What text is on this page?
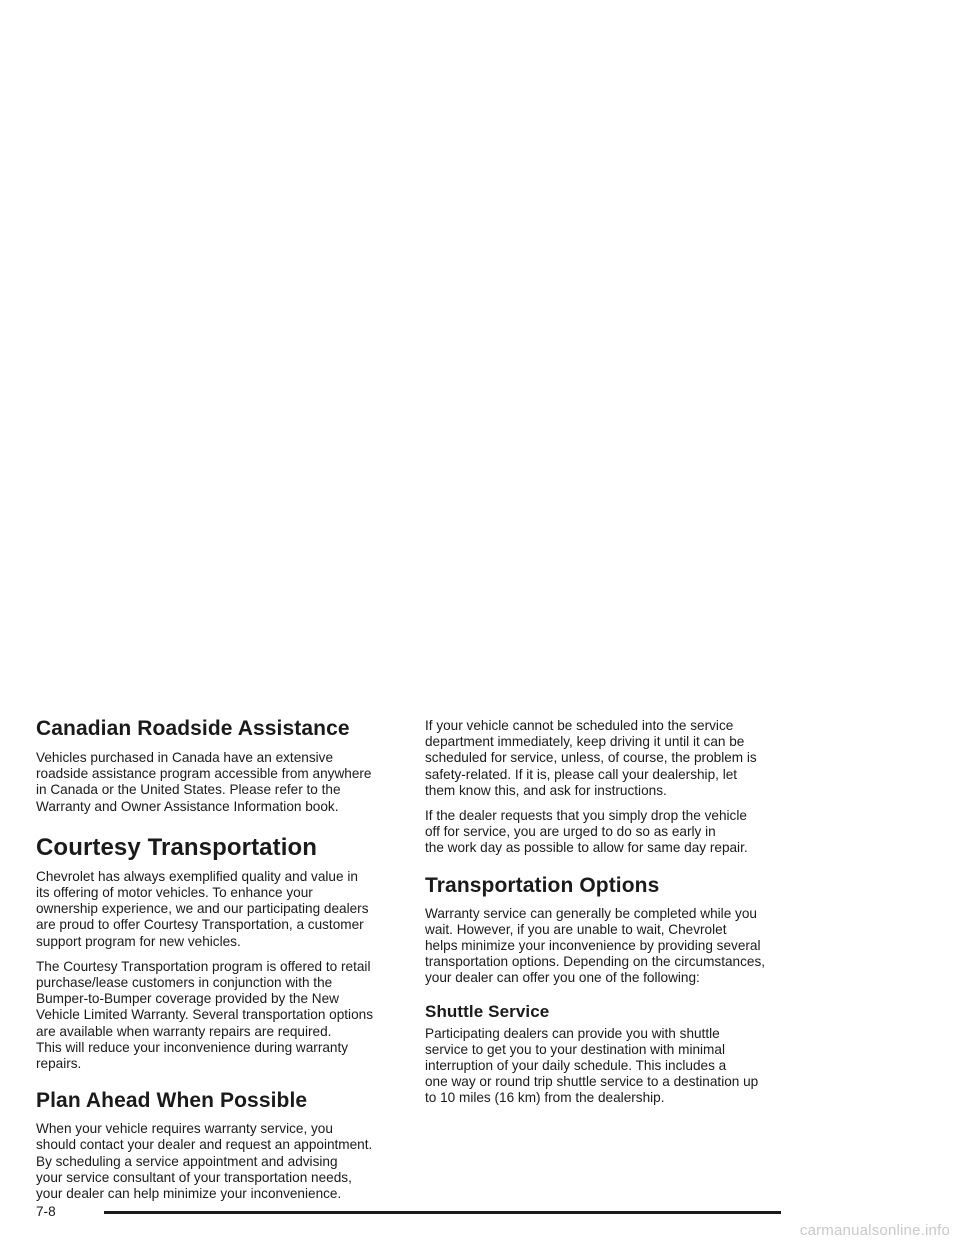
Canadian Roadside Assistance

Vehicles purchased in Canada have an extensive
roadside assistance program accessible from anywhere
in Canada or the United States. Please refer to the
Warranty and Owner Assistance Information book.

Courtesy Transportation

Chevrolet has always exemplified quality and value in
its offering of motor vehicles. To enhance your
ownership experience, we and our participating dealers
are proud to offer Courtesy Transportation, a customer
support program for new vehicles.

The Courtesy Transportation program is offered to retail
purchase/lease customers in conjunction with the
Bumper-to-Bumper coverage provided by the New
Vehicle Limited Warranty. Several transportation options
are available when warranty repairs are required.
This will reduce your inconvenience during warranty
repairs.

Plan Ahead When Possible

When your vehicle requires warranty service, you
should contact your dealer and request an appointment.
By scheduling a service appointment and advising
your service consultant of your transportation needs,
your dealer can help minimize your inconvenience.

If your vehicle cannot be scheduled into the service
department immediately, keep driving it until it can be
scheduled for service, unless, of course, the problem is
safety-related. If it is, please call your dealership, let
them know this, and ask for instructions.

If the dealer requests that you simply drop the vehicle
off for service, you are urged to do so as early in
the work day as possible to allow for same day repair.

Transportation Options

Warranty service can generally be completed while you
wait. However, if you are unable to wait, Chevrolet
helps minimize your inconvenience by providing several
transportation options. Depending on the circumstances,
your dealer can offer you one of the following:

Shuttle Service

Participating dealers can provide you with shuttle
service to get you to your destination with minimal
interruption of your daily schedule. This includes a
one way or round trip shuttle service to a destination up
to 10 miles (16 km) from the dealership.

7-8
carmanualsonline.info
